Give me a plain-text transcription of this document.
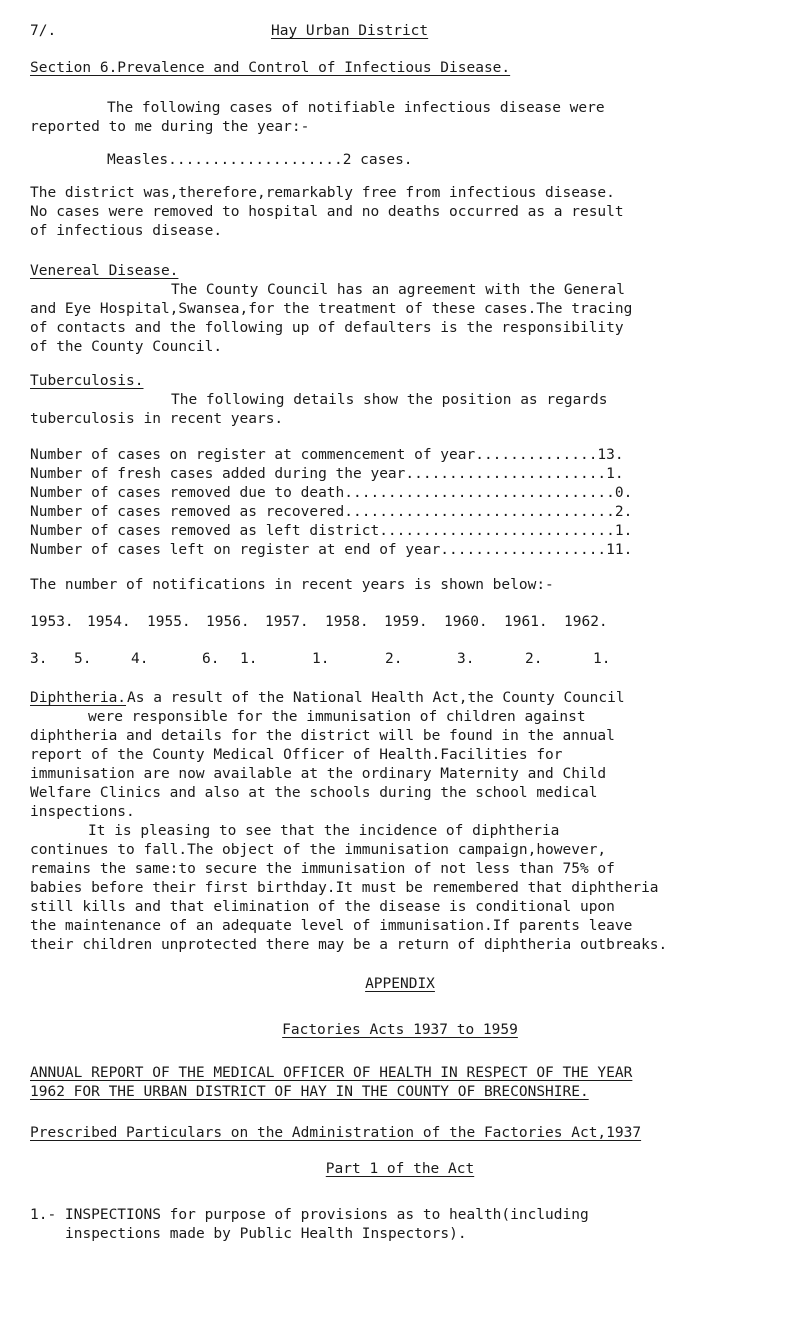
7/.	Hay Urban District
Section 6.Prevalence and Control of Infectious Disease.
The following cases of notifiable infectious disease were
reported to me during the year:-
Measles....................2 cases.
The district was,therefore,remarkably free from infectious disease.
No cases were removed to hospital and no deaths occurred as a result
of infectious disease.
Venereal Disease.
The County Council has an agreement with the General
and Eye Hospital,Swansea,for the treatment of these cases.The tracing
of contacts and the following up of defaulters is the responsibility
of the County Council.
Tuberculosis.
The following details show the position as regards
tuberculosis in recent years.
Number of cases on register at commencement of year..............13.
Number of fresh cases added during the year.......................1.
Number of cases removed due to death...............................0.
Number of cases removed as recovered...............................2.
Number of cases removed as left district...........................1.
Number of cases left on register at end of year...................11.
The number of notifications in recent years is shown below:-
1953. 1954. 1955. 1956. 1957. 1958. 1959. 1960. 1961. 1962.
3. 5.	4.	6. 1.	1.	2.	3.	2.	1.
Diphtheria. As a result of the National Health Act,the County Council
were responsible for the immunisation of children against
diphtheria and details for the district will be found in the annual
report of the County Medical Officer of Health.Facilities for
immunisation are now available at the ordinary Maternity and Child
Welfare Clinics and also at the schools during the school medical
inspections.
It is pleasing to see that the incidence of diphtheria
continues to fall.The object of the immunisation campaign,however,
remains the same:to secure the immunisation of not less than 75% of
babies before their first birthday.It must be remembered that diphtheria
still kills and that elimination of the disease is conditional upon
the maintenance of an adequate level of immunisation.If parents leave
their children unprotected there may be a return of diphtheria outbreaks.
APPENDIX
Factories Acts 1937 to 1959
ANNUAL REPORT OF THE MEDICAL OFFICER OF HEALTH IN RESPECT OF THE YEAR
1962 FOR THE URBAN DISTRICT OF HAY IN THE COUNTY OF BRECONSHIRE.
Prescribed Particulars on the Administration of the Factories Act,1937
Part 1 of the Act
1.- INSPECTIONS for purpose of provisions as to health(including
inspections made by Public Health Inspectors).
